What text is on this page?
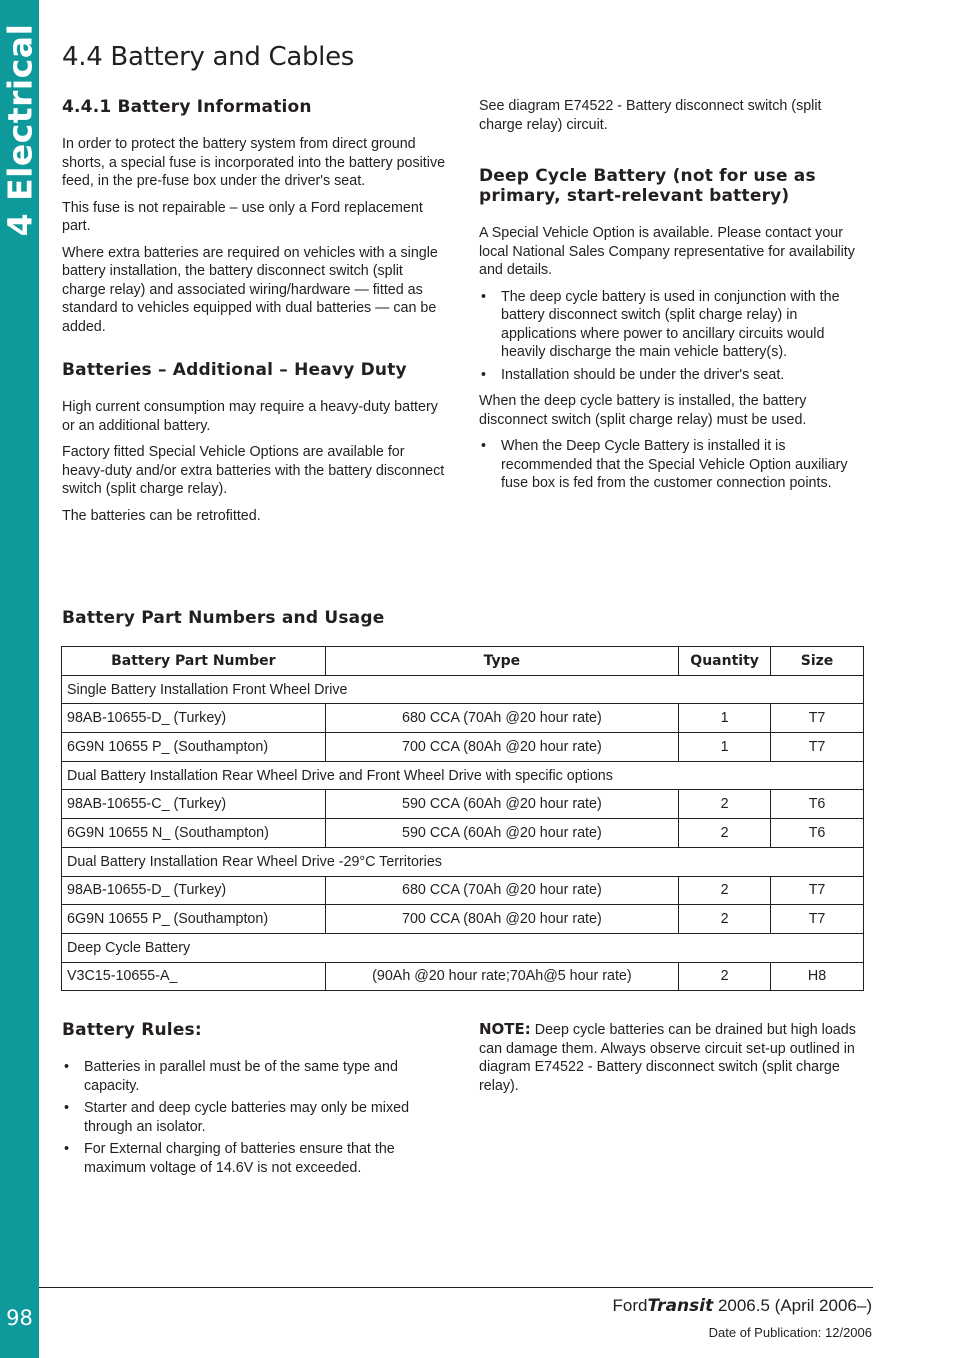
4 Electrical
98
4.4 Battery and Cables
4.4.1 Battery Information

In order to protect the battery system from direct ground shorts, a special fuse is incorporated into the battery positive feed, in the pre-fuse box under the driver's seat.

This fuse is not repairable – use only a Ford replacement part.

Where extra batteries are required on vehicles with a single battery installation, the battery disconnect switch (split charge relay) and associated wiring/hardware — fitted as standard to vehicles equipped with dual batteries — can be added.

Batteries – Additional – Heavy Duty

High current consumption may require a heavy-duty battery or an additional battery.

Factory fitted Special Vehicle Options are available for heavy-duty and/or extra batteries with the battery disconnect switch (split charge relay).

The batteries can be retrofitted.

See diagram E74522 - Battery disconnect switch (split charge relay) circuit.

Deep Cycle Battery (not for use as primary, start-relevant battery)

A Special Vehicle Option is available. Please contact your local National Sales Company representative for availability and details.

• The deep cycle battery is used in conjunction with the battery disconnect switch (split charge relay) in applications where power to ancillary circuits would heavily discharge the main vehicle battery(s).
• Installation should be under the driver's seat.

When the deep cycle battery is installed, the battery disconnect switch (split charge relay) must be used.

• When the Deep Cycle Battery is installed it is recommended that the Special Vehicle Option auxiliary fuse box is fed from the customer connection points.
Battery Part Numbers and Usage
Battery Part Number	Type	Quantity	Size
Single Battery Installation Front Wheel Drive			
98AB-10655-D_ (Turkey)	680 CCA (70Ah @20 hour rate)	1	T7
6G9N 10655 P_ (Southampton)	700 CCA (80Ah @20 hour rate)	1	T7
Dual Battery Installation Rear Wheel Drive and Front Wheel Drive with specific options			
98AB-10655-C_ (Turkey)	590 CCA (60Ah @20 hour rate)	2	T6
6G9N 10655 N_ (Southampton)	590 CCA (60Ah @20 hour rate)	2	T6
Dual Battery Installation Rear Wheel Drive -29°C Territories			
98AB-10655-D_ (Turkey)	680 CCA (70Ah @20 hour rate)	2	T7
6G9N 10655 P_ (Southampton)	700 CCA (80Ah @20 hour rate)	2	T7
Deep Cycle Battery			
V3C15-10655-A_	(90Ah @20 hour rate;70Ah@5 hour rate)	2	H8
Battery Rules:
• Batteries in parallel must be of the same type and capacity.
• Starter and deep cycle batteries may only be mixed through an isolator.
• For External charging of batteries ensure that the maximum voltage of 14.6V is not exceeded.

NOTE: Deep cycle batteries can be drained but high loads can damage them. Always observe circuit set-up outlined in diagram E74522 - Battery disconnect switch (split charge relay).

FordTransit 2006.5 (April 2006–)
Date of Publication: 12/2006
